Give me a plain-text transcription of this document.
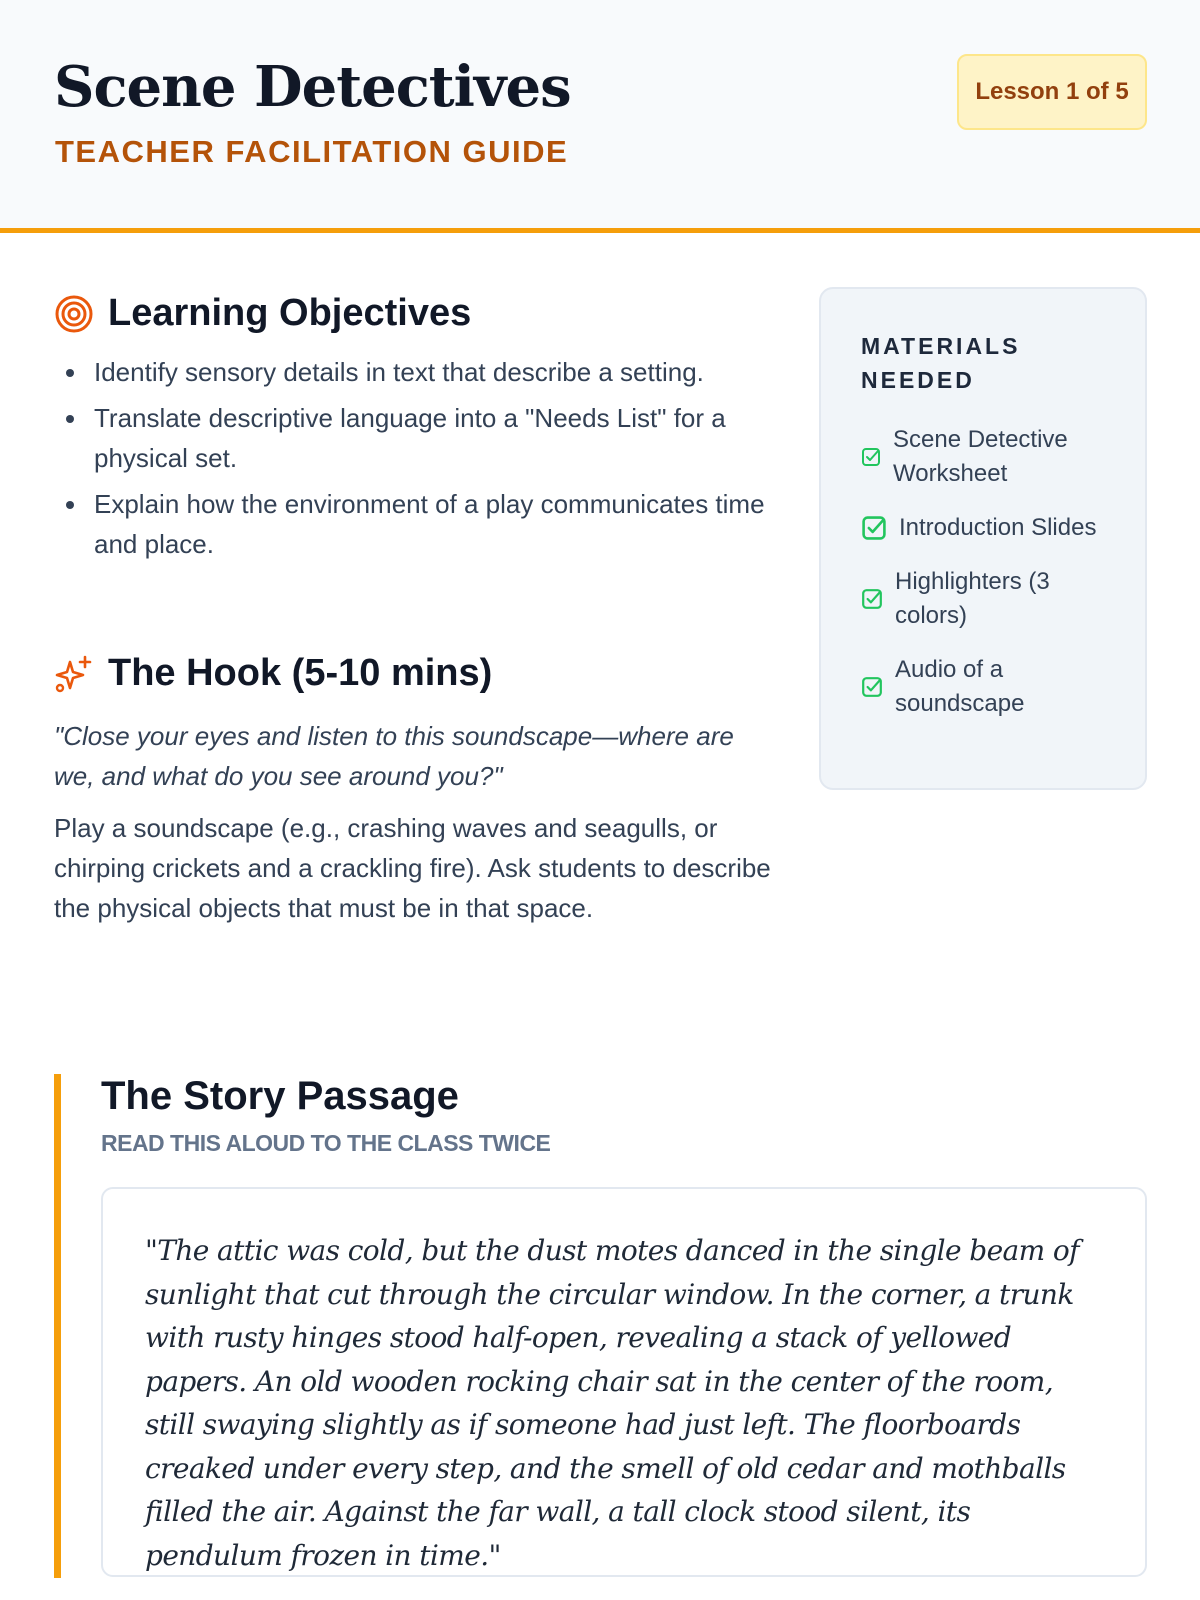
Scene Detectives
TEACHER FACILITATION GUIDE
Lesson 1 of 5
Learning Objectives
Identify sensory details in text that describe a setting.
Translate descriptive language into a "Needs List" for a physical set.
Explain how the environment of a play communicates time and place.
The Hook (5-10 mins)

"Close your eyes and listen to this soundscape—where are we, and what do you see around you?"

Play a soundscape (e.g., crashing waves and seagulls, or chirping crickets and a crackling fire). Ask students to describe the physical objects that must be in that space.

MATERIALS NEEDED
Scene Detective Worksheet
Introduction Slides
Highlighters (3 colors)
Audio of a soundscape
The Story Passage
READ THIS ALOUD TO THE CLASS TWICE

"The attic was cold, but the dust motes danced in the single beam of sunlight that cut through the circular window. In the corner, a trunk with rusty hinges stood half-open, revealing a stack of yellowed papers. An old wooden rocking chair sat in the center of the room, still swaying slightly as if someone had just left. The floorboards creaked under every step, and the smell of old cedar and mothballs filled the air. Against the far wall, a tall clock stood silent, its pendulum frozen in time."
